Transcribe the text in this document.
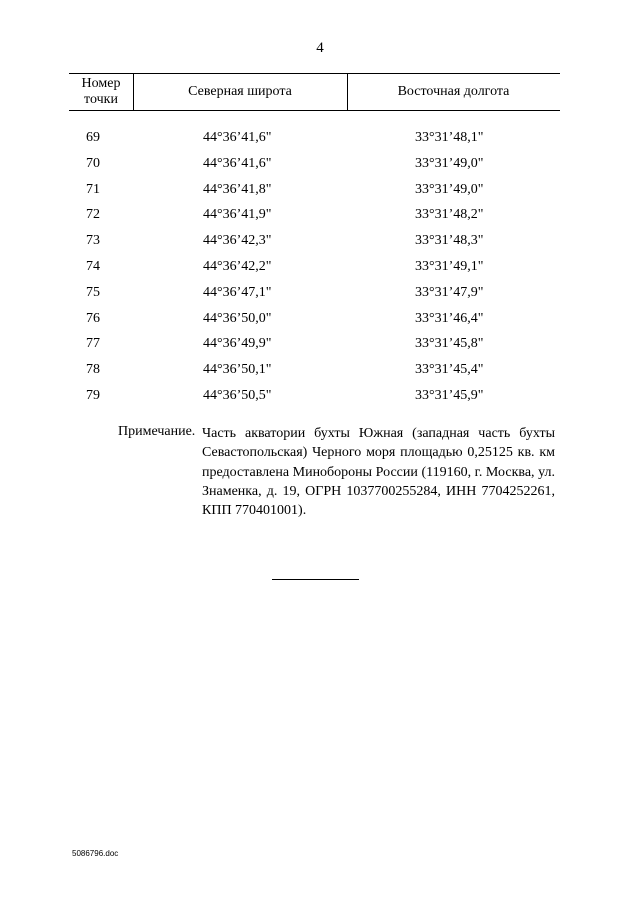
4
Номер
точки
Северная широта	Восточная долгота
69	44°36’41,6"	33°31’48,1"
70	44°36’41,6"	33°31’49,0"
71	44°36’41,8"	33°31’49,0"
72	44°36’41,9"	33°31’48,2"
73	44°36’42,3"	33°31’48,3"
74	44°36’42,2"	33°31’49,1"
75	44°36’47,1"	33°31’47,9"
76	44°36’50,0"	33°31’46,4"
77	44°36’49,9"	33°31’45,8"
78	44°36’50,1"	33°31’45,4"
79	44°36’50,5"	33°31’45,9"
Примечание. Часть акватории бухты Южная (западная часть бухты Севастопольская) Черного моря площадью 0,25125 кв. км предоставлена Минобороны России (119160, г. Москва, ул. Знаменка, д. 19, ОГРН 1037700255284, ИНН 7704252261, КПП 770401001).
5086796.doc
